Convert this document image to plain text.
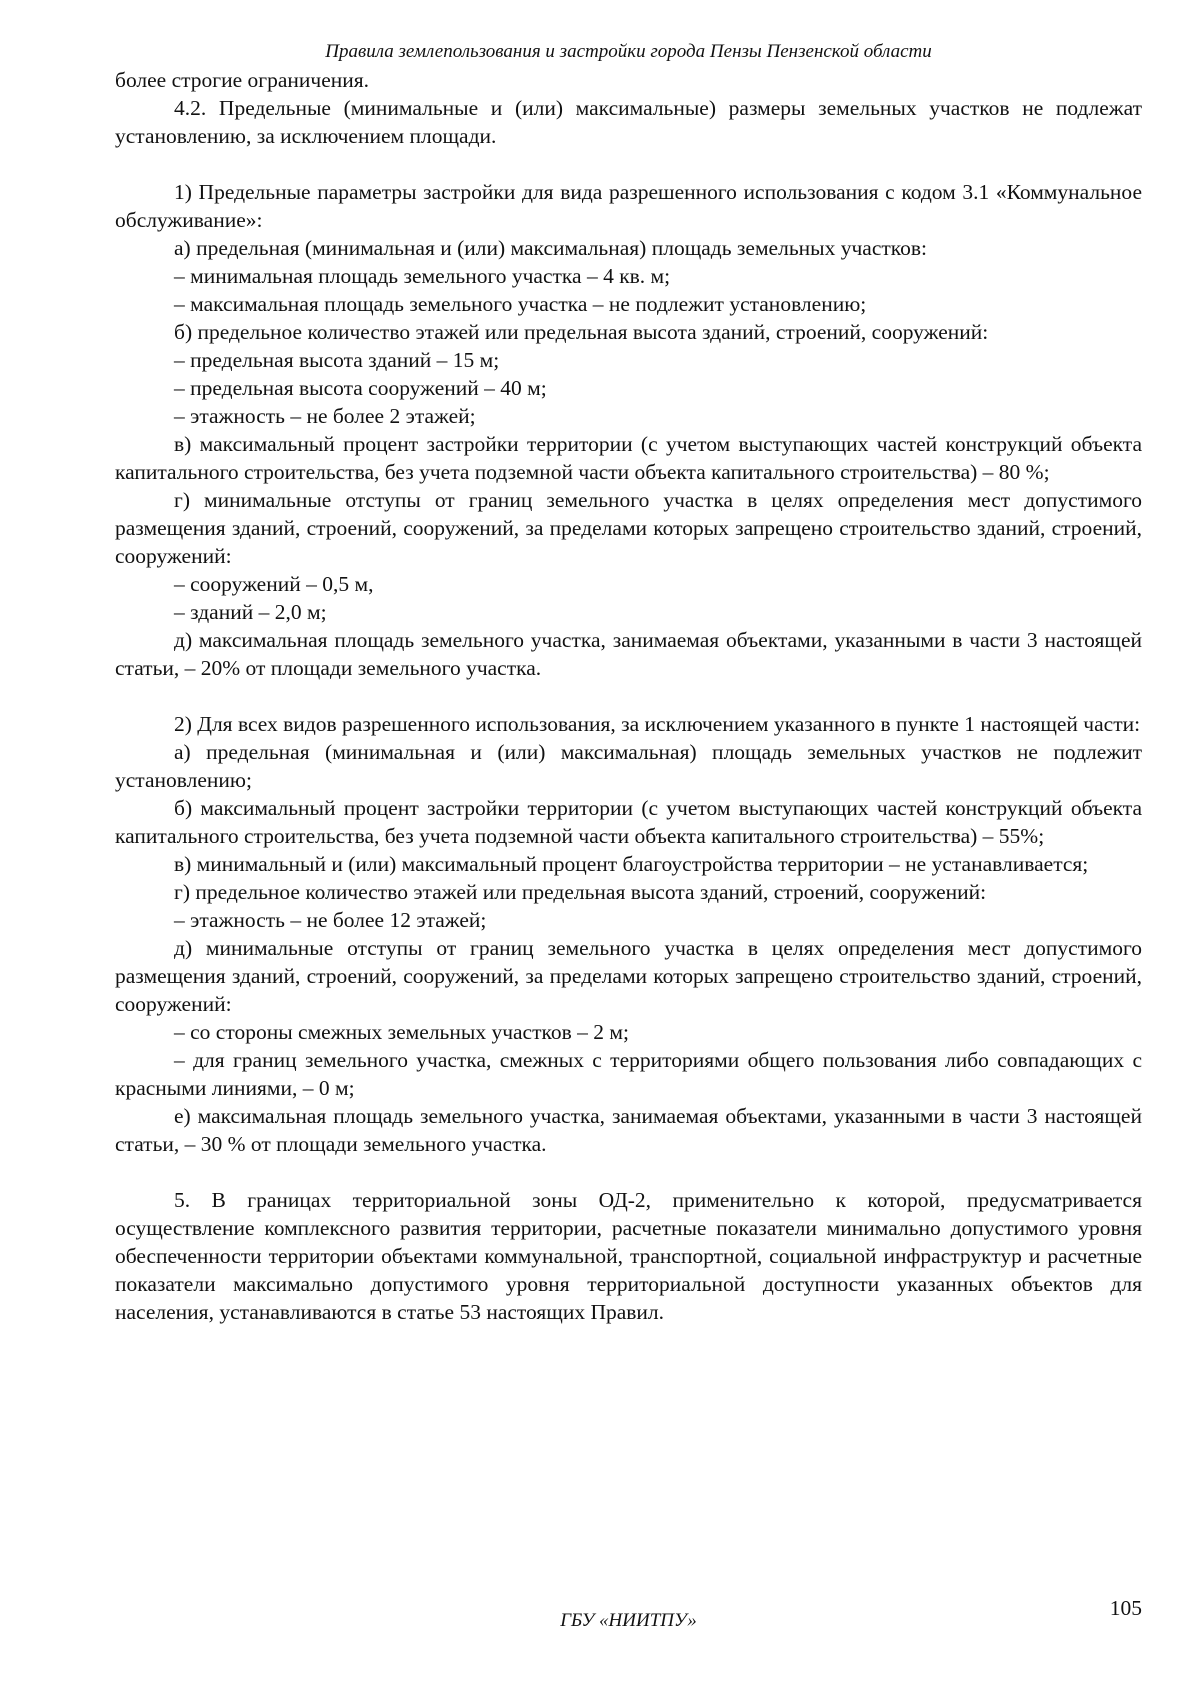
Правила землепользования и застройки города Пензы Пензенской области

более строгие ограничения.

4.2. Предельные (минимальные и (или) максимальные) размеры земельных участков не подлежат установлению, за исключением площади.

1) Предельные параметры застройки для вида разрешенного использования с кодом 3.1 «Коммунальное обслуживание»:

а) предельная (минимальная и (или) максимальная) площадь земельных участков:

– минимальная площадь земельного участка – 4 кв. м;

– максимальная площадь земельного участка – не подлежит установлению;

б) предельное количество этажей или предельная высота зданий, строений, сооружений:

– предельная высота зданий – 15 м;

– предельная высота сооружений – 40 м;

– этажность – не более 2 этажей;

в) максимальный процент застройки территории (с учетом выступающих частей конструкций объекта капитального строительства, без учета подземной части объекта капитального строительства) – 80 %;

г) минимальные отступы от границ земельного участка в целях определения мест допустимого размещения зданий, строений, сооружений, за пределами которых запрещено строительство зданий, строений, сооружений:

– сооружений – 0,5 м,

– зданий – 2,0 м;

д) максимальная площадь земельного участка, занимаемая объектами, указанными в части 3 настоящей статьи, – 20% от площади земельного участка.

2) Для всех видов разрешенного использования, за исключением указанного в пункте 1 настоящей части:

а) предельная (минимальная и (или) максимальная) площадь земельных участков не подлежит установлению;

б) максимальный процент застройки территории (с учетом выступающих частей конструкций объекта капитального строительства, без учета подземной части объекта капитального строительства) – 55%;

в) минимальный и (или) максимальный процент благоустройства территории – не устанавливается;

г) предельное количество этажей или предельная высота зданий, строений, сооружений:

– этажность – не более 12 этажей;

д) минимальные отступы от границ земельного участка в целях определения мест допустимого размещения зданий, строений, сооружений, за пределами которых запрещено строительство зданий, строений, сооружений:

– со стороны смежных земельных участков – 2 м;

– для границ земельного участка, смежных с территориями общего пользования либо совпадающих с красными линиями, – 0 м;

е) максимальная площадь земельного участка, занимаемая объектами, указанными в части 3 настоящей статьи, – 30 % от площади земельного участка.

5. В границах территориальной зоны ОД-2, применительно к которой, предусматривается осуществление комплексного развития территории, расчетные показатели минимально допустимого уровня обеспеченности территории объектами коммунальной, транспортной, социальной инфраструктур и расчетные показатели максимально допустимого уровня территориальной доступности указанных объектов для населения, устанавливаются в статье 53 настоящих Правил.

ГБУ «НИИТПУ»
105
